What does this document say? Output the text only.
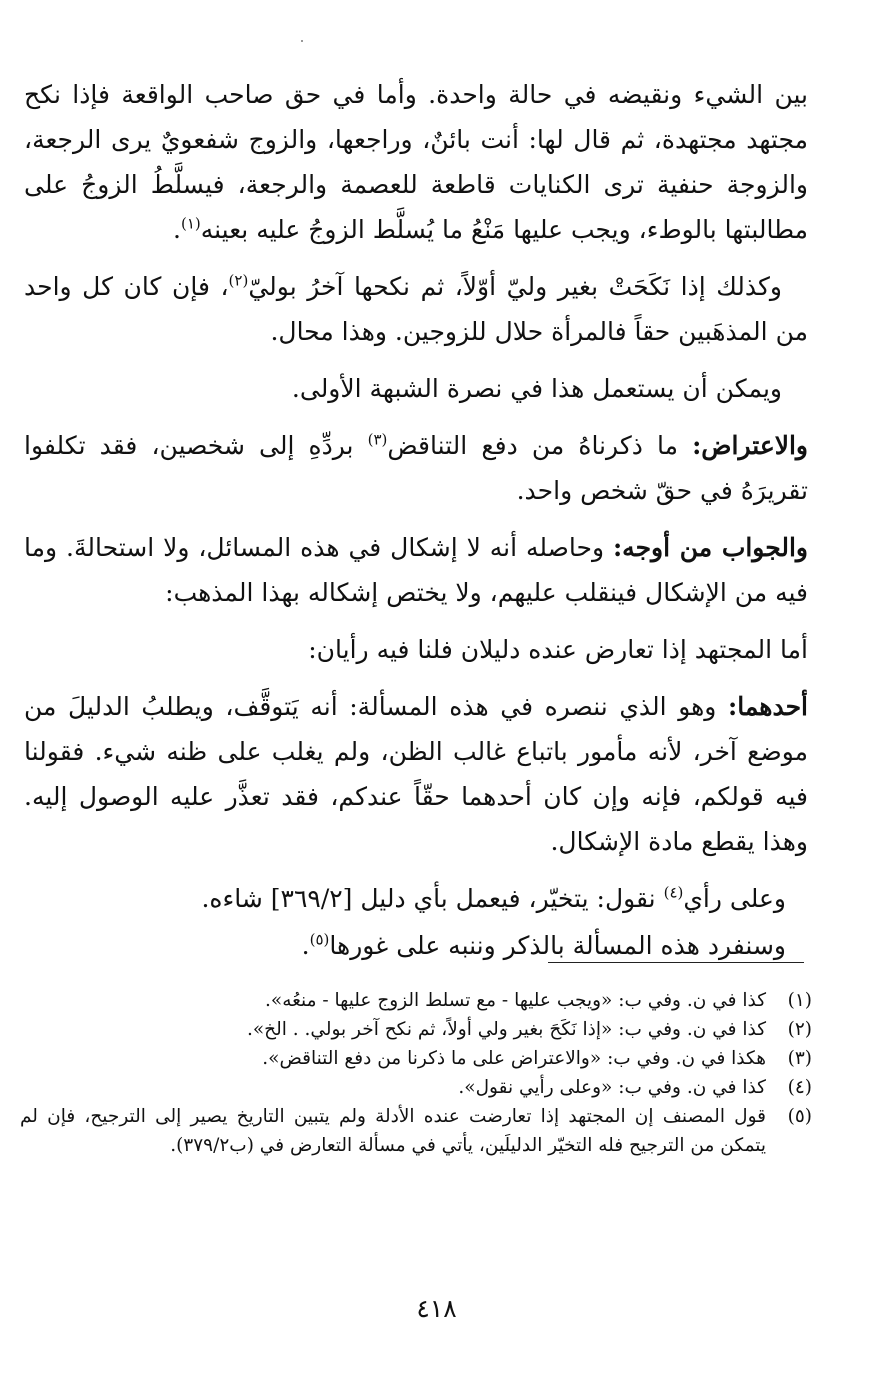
بين الشيء ونقيضه في حالة واحدة. وأما في حق صاحب الواقعة فإذا نكح مجتهد مجتهدة، ثم قال لها: أنت بائنٌ، وراجعها، والزوج شفعويٌ يرى الرجعة، والزوجة حنفية ترى الكنايات قاطعة للعصمة والرجعة، فيسلَّطُ الزوجُ على مطالبتها بالوطء، ويجب عليها مَنْعُ ما يُسلَّط الزوجُ عليه بعينه$^{(١)}$.

وكذلك إذا نَكَحَتْ بغير وليّ أوّلاً، ثم نكحها آخرُ بوليّ$^{(٢)}$، فإن كان كل واحد من المذهَبين حقاً فالمرأة حلال للزوجين. وهذا محال.

ويمكن أن يستعمل هذا في نصرة الشبهة الأولى.

والاعتراض: ما ذكرناهُ من دفع التناقض$^{(٣)}$ بردِّهِ إلى شخصين، فقد تكلفوا تقريرَهُ في حقّ شخص واحد.

والجواب من أوجه: وحاصله أنه لا إشكال في هذه المسائل، ولا استحالةَ. وما فيه من الإشكال فينقلب عليهم، ولا يختص إشكاله بهذا المذهب:

أما المجتهد إذا تعارض عنده دليلان فلنا فيه رأيان:

أحدهما: وهو الذي ننصره في هذه المسألة: أنه يَتوقَّف، ويطلبُ الدليلَ من موضع آخر، لأنه مأمور باتباع غالب الظن، ولم يغلب على ظنه شيء. فقولنا فيه قولكم، فإنه وإن كان أحدهما حقّاً عندكم، فقد تعذَّر عليه الوصول إليه. وهذا يقطع مادة الإشكال.

وعلى رأي$^{(٤)}$ نقول: يتخيّر، فيعمل بأي دليل [٣٦٩/٢] شاءه.

وسنفرد هذه المسألة بالذكر وننبه على غورها$^{(٥)}$.

(١)
كذا في ن. وفي ب: «ويجب عليها - مع تسلط الزوج عليها - منعُه».
(٢)
كذا في ن. وفي ب: «إذا نَكَحَ بغير ولي أولاً، ثم نكح آخر بولي. . الخ».
(٣)
هكذا في ن. وفي ب: «والاعتراض على ما ذكرنا من دفع التناقض».
(٤)
كذا في ن. وفي ب: «وعلى رأيي نقول».
(٥)
قول المصنف إن المجتهد إذا تعارضت عنده الأدلة ولم يتبين التاريخ يصير إلى الترجيح، فإن لم يتمكن من الترجيح فله التخيّر الدليلَين، يأتي في مسألة التعارض في (ب٣٧٩/٢).
٤١٨
